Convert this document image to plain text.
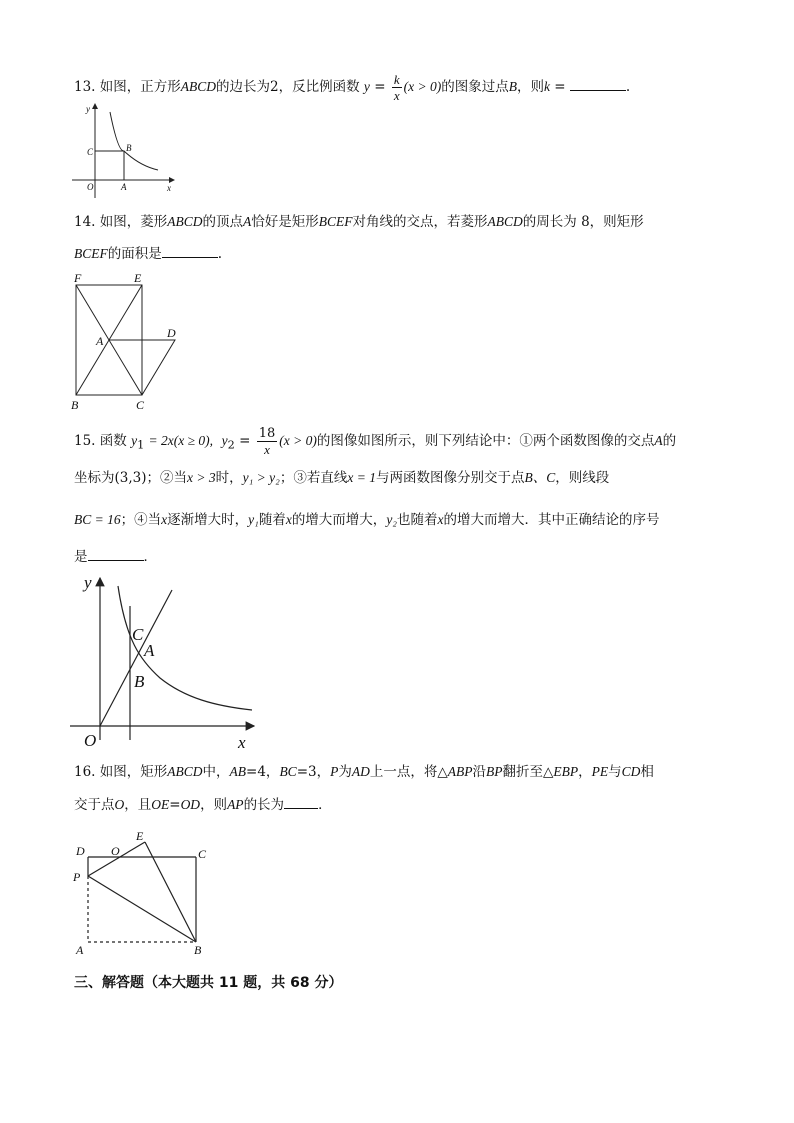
13. 如图，正方形ABCD的边长为2，反比例函数 $y = \frac{k}{x} (x > 0)$的图象过点B，则k =	.
y
x
O	A
B
C
14. 如图，菱形ABCD的顶点A恰好是矩形BCEF对角线的交点，若菱形ABCD的周长为 8，则矩形
BCEF的面积是	.
F	E
D
A
B	C
15. 函数 $y_1 = 2x(x \ge 0)$, $y_2 = \frac{18}{x} (x > 0)$的图像如图所示，则下列结论中：①两个函数图像的交点A的
坐标为(3,3)；②当x > 3时，y₁ > y₂；③若直线x = 1与两函数图像分别交于点B、C，则线段
BC = 16；④当x逐渐增大时，y₁随着x的增大而增大，y₂也随着x的增大而增大．其中正确结论的序号
是	．
y
x
O
C
A
B
16. 如图，矩形ABCD中，AB=4，BC=3，P为AD上一点，将△ABP沿BP翻折至△EBP，PE与CD相
交于点O，且OE=OD，则AP的长为	．
D O
E
C
P
A	B
三、解答题（本大题共 11 题，共 68 分）
